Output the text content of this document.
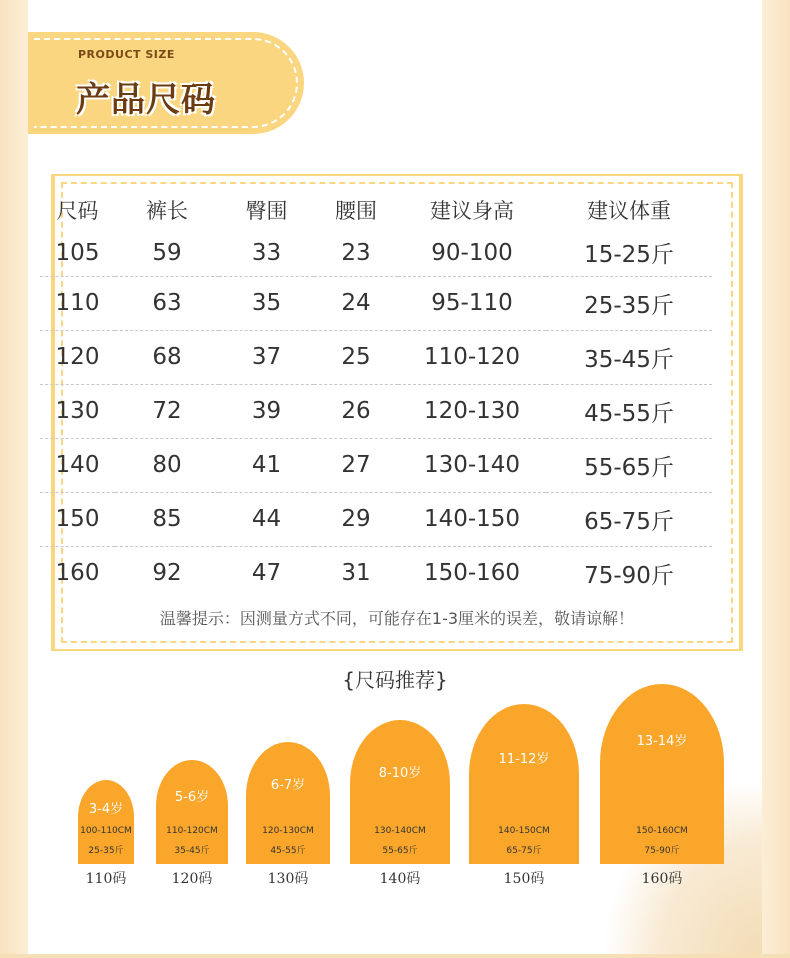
PRODUCT SIZE
产品尺码
尺码	裤长	臀围	腰围	建议身高	建议体重
105	59	33	23	90-100	15-25斤
110	63	35	24	95-110	25-35斤
120	68	37	25	110-120	35-45斤
130	72	39	26	120-130	45-55斤
140	80	41	27	130-140	55-65斤
150	85	44	29	140-150	65-75斤
160	92	47	31	150-160	75-90斤
温馨提示：因测量方式不同，可能存在1-3厘米的误差，敬请谅解！
{尺码推荐}
3-4岁
100-110CM
25-35斤
110码
5-6岁
110-120CM
35-45斤
120码
6-7岁
120-130CM
45-55斤
130码
8-10岁
130-140CM
55-65斤
140码
11-12岁
140-150CM
65-75斤
150码
13-14岁
150-160CM
75-90斤
160码
